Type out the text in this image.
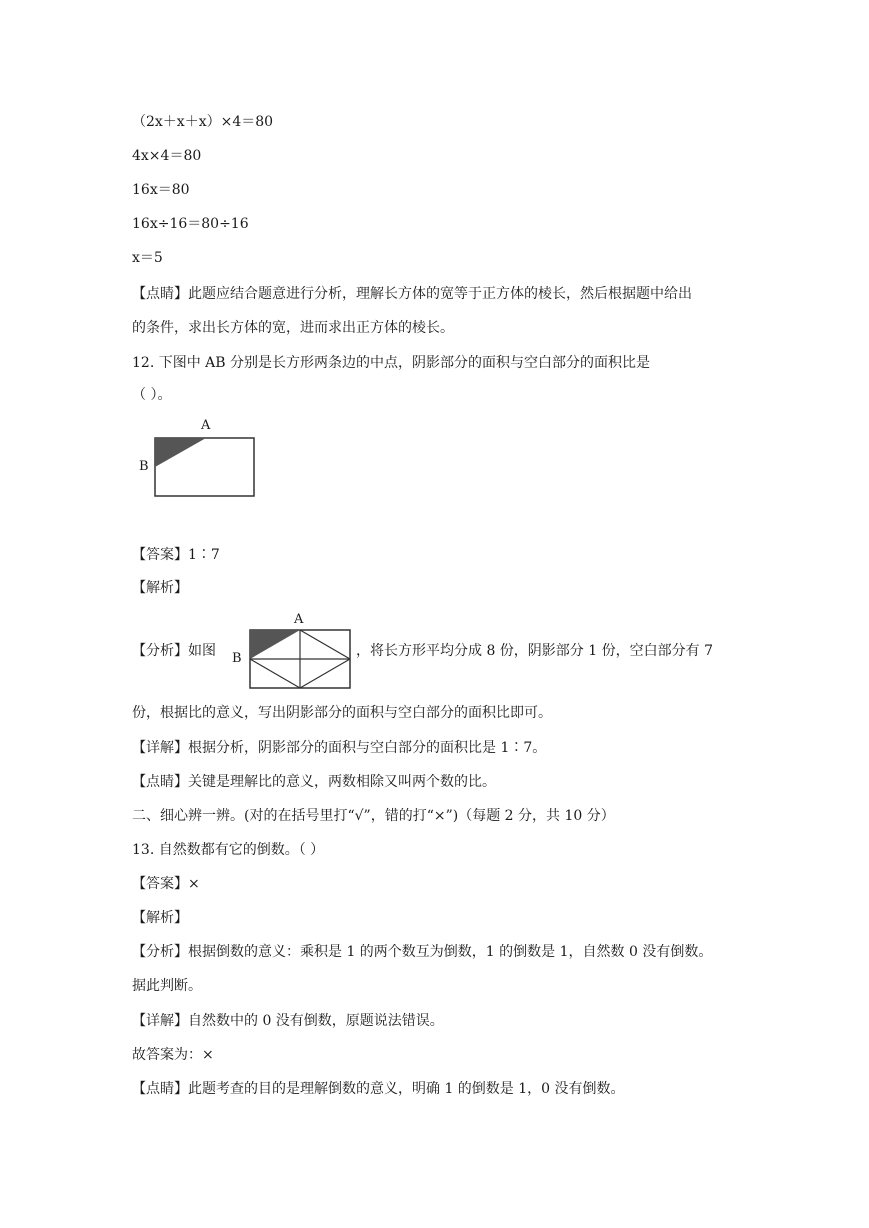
（2x＋x＋x）×4＝80
4x×4＝80
16x＝80
16x÷16＝80÷16
x＝5
【点睛】此题应结合题意进行分析，理解长方体的宽等于正方体的棱长，然后根据题中给出
的条件，求出长方体的宽，进而求出正方体的棱长。
12. 下图中 AB 分别是长方形两条边的中点，阴影部分的面积与空白部分的面积比是
（ ）。
A
B
【答案】1∶7
【解析】
【分析】如图
A
B	，将长方形平均分成 8 份，阴影部分 1 份，空白部分有 7
份，根据比的意义，写出阴影部分的面积与空白部分的面积比即可。
【详解】根据分析，阴影部分的面积与空白部分的面积比是 1∶7。
【点睛】关键是理解比的意义，两数相除又叫两个数的比。
二、细心辨一辨。(对的在括号里打“√”，错的打“×”)（每题 2 分，共 10 分）
13. 自然数都有它的倒数。（ ）
【答案】×
【解析】
【分析】根据倒数的意义：乘积是 1 的两个数互为倒数，1 的倒数是 1，自然数 0 没有倒数。
据此判断。
【详解】自然数中的 0 没有倒数，原题说法错误。
故答案为：×
【点睛】此题考查的目的是理解倒数的意义，明确 1 的倒数是 1，0 没有倒数。
